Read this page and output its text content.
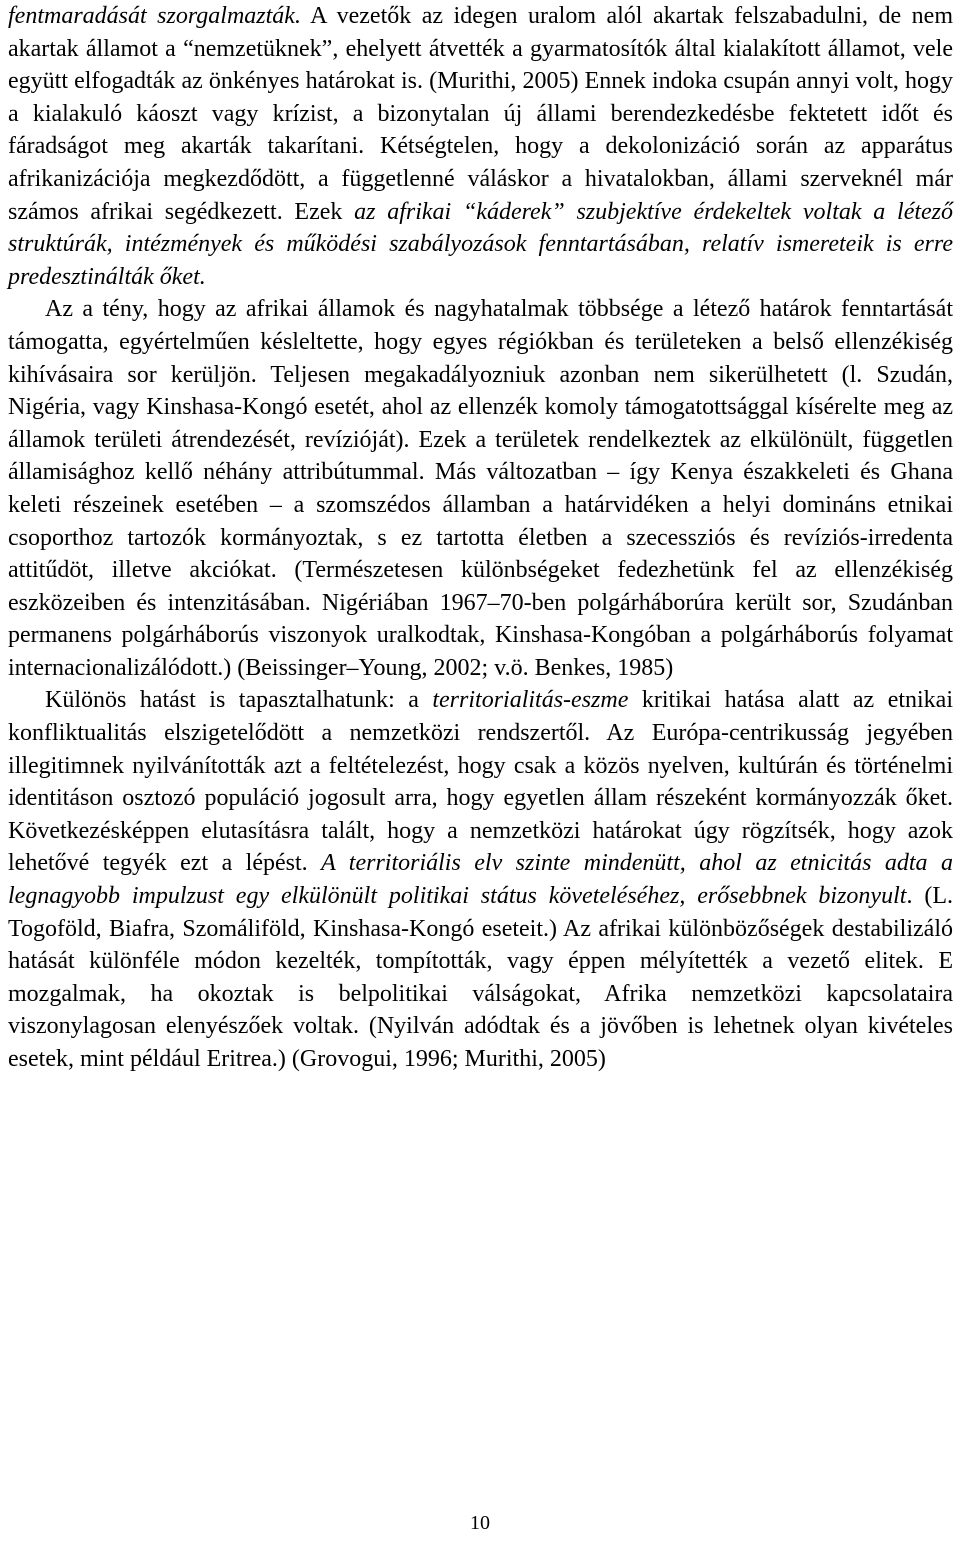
fentmaradását szorgalmazták. A vezetők az idegen uralom alól akartak felszabadulni, de nem akartak államot a “nemzetüknek”, ehelyett átvették a gyarmatosítók által kialakított államot, vele együtt elfogadták az önkényes határokat is. (Murithi, 2005) Ennek indoka csupán annyi volt, hogy a kialakuló káoszt vagy krízist, a bizonytalan új állami berendezkedésbe fektetett időt és fáradságot meg akarták takarítani. Kétségtelen, hogy a dekolonizáció során az apparátus afrikanizációja megkezdődött, a függetlenné váláskor a hivatalokban, állami szerveknél már számos afrikai segédkezett. Ezek az afrikai “káderek” szubjektíve érdekeltek voltak a létező struktúrák, intézmények és működési szabályozások fenntartásában, relatív ismereteik is erre predesztinálták őket.

Az a tény, hogy az afrikai államok és nagyhatalmak többsége a létező határok fenntartását támogatta, egyértelműen késleltette, hogy egyes régiókban és területeken a belső ellenzékiség kihívásaira sor kerüljön. Teljesen megakadályozniuk azonban nem sikerülhetett (l. Szudán, Nigéria, vagy Kinshasa-Kongó esetét, ahol az ellenzék komoly támogatottsággal kísérelte meg az államok területi átrendezését, revízióját). Ezek a területek rendelkeztek az elkülönült, független államisághoz kellő néhány attribútummal. Más változatban – így Kenya északkeleti és Ghana keleti részeinek esetében – a szomszédos államban a határvidéken a helyi domináns etnikai csoporthoz tartozók kormányoztak, s ez tartotta életben a szecessziós és revíziós-irredenta attitűdöt, illetve akciókat. (Természetesen különbségeket fedezhetünk fel az ellenzékiség eszközeiben és intenzitásában. Nigériában 1967–70-ben polgárháborúra került sor, Szudánban permanens polgárháborús viszonyok uralkodtak, Kinshasa-Kongóban a polgárháborús folyamat internacionalizálódott.) (Beissinger–Young, 2002; v.ö. Benkes, 1985)

Különös hatást is tapasztalhatunk: a territorialitás-eszme kritikai hatása alatt az etnikai konfliktualitás elszigetelődött a nemzetközi rendszertől. Az Európa-centrikusság jegyében illegitimnek nyilvánították azt a feltételezést, hogy csak a közös nyelven, kultúrán és történelmi identitáson osztozó populáció jogosult arra, hogy egyetlen állam részeként kormányozzák őket. Következésképpen elutasításra talált, hogy a nemzetközi határokat úgy rögzítsék, hogy azok lehetővé tegyék ezt a lépést. A territoriális elv szinte mindenütt, ahol az etnicitás adta a legnagyobb impulzust egy elkülönült politikai státus követeléséhez, erősebbnek bizonyult. (L. Togoföld, Biafra, Szomáliföld, Kinshasa-Kongó eseteit.) Az afrikai különbözőségek destabilizáló hatását különféle módon kezelték, tompították, vagy éppen mélyítették a vezető elitek. E mozgalmak, ha okoztak is belpolitikai válságokat, Afrika nemzetközi kapcsolataira viszonylagosan elenyészőek voltak. (Nyilván adódtak és a jövőben is lehetnek olyan kivételes esetek, mint például Eritrea.) (Grovogui, 1996; Murithi, 2005)

10
